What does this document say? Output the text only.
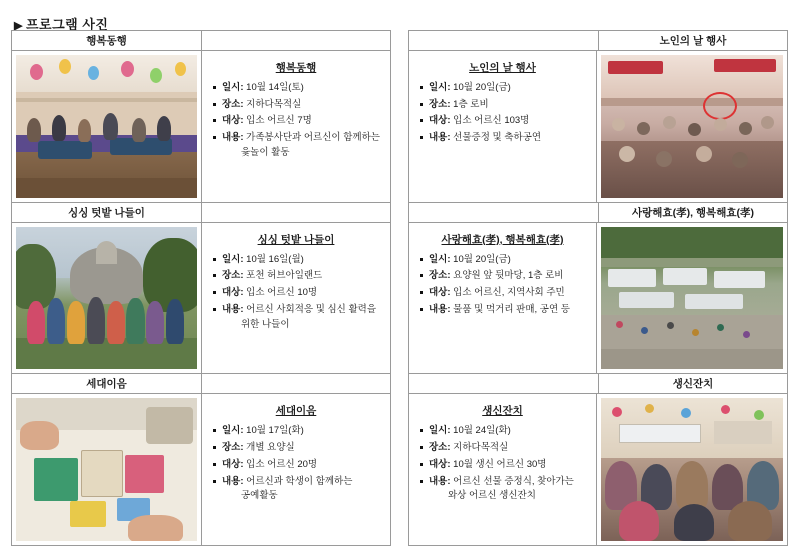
▶ 프로그램 사진
행복동행
행복동행
일시: 10월 14일(토)
장소: 지하다목적실
대상: 입소 어르신 7명
내용: 가족봉사단과 어르신이 함께하는
윷놀이 활동
싱싱 텃밭 나들이
싱싱 텃밭 나들이
일시: 10월 16일(월)
장소: 포천 허브아일랜드
대상: 입소 어르신 10명
내용: 어르신 사회적응 및 심신 활력을
위한 나들이
세대이음
세대이음
일시: 10월 17일(화)
장소: 개별 요양실
대상: 입소 어르신 20명
내용: 어르신과 학생이 함께하는
공예활동
노인의 날 행사
노인의 날 행사
일시: 10월 20일(금)
장소: 1층 로비
대상: 입소 어르신 103명
내용: 선물증정 및 축하공연
사랑해효(孝), 행복해효(孝)
사랑해효(孝), 행복해효(孝)
일시: 10월 20일(금)
장소: 요양원 앞 뒷마당, 1층 로비
대상: 입소 어르신, 지역사회 주민
내용: 물품 및 먹거리 판매, 공연 등
생신잔치
생신잔치
일시: 10월 24일(화)
장소: 지하다목적실
대상: 10월 생신 어르신 30명
내용: 어르신 선물 증정식, 찾아가는
와상 어르신 생신잔치
